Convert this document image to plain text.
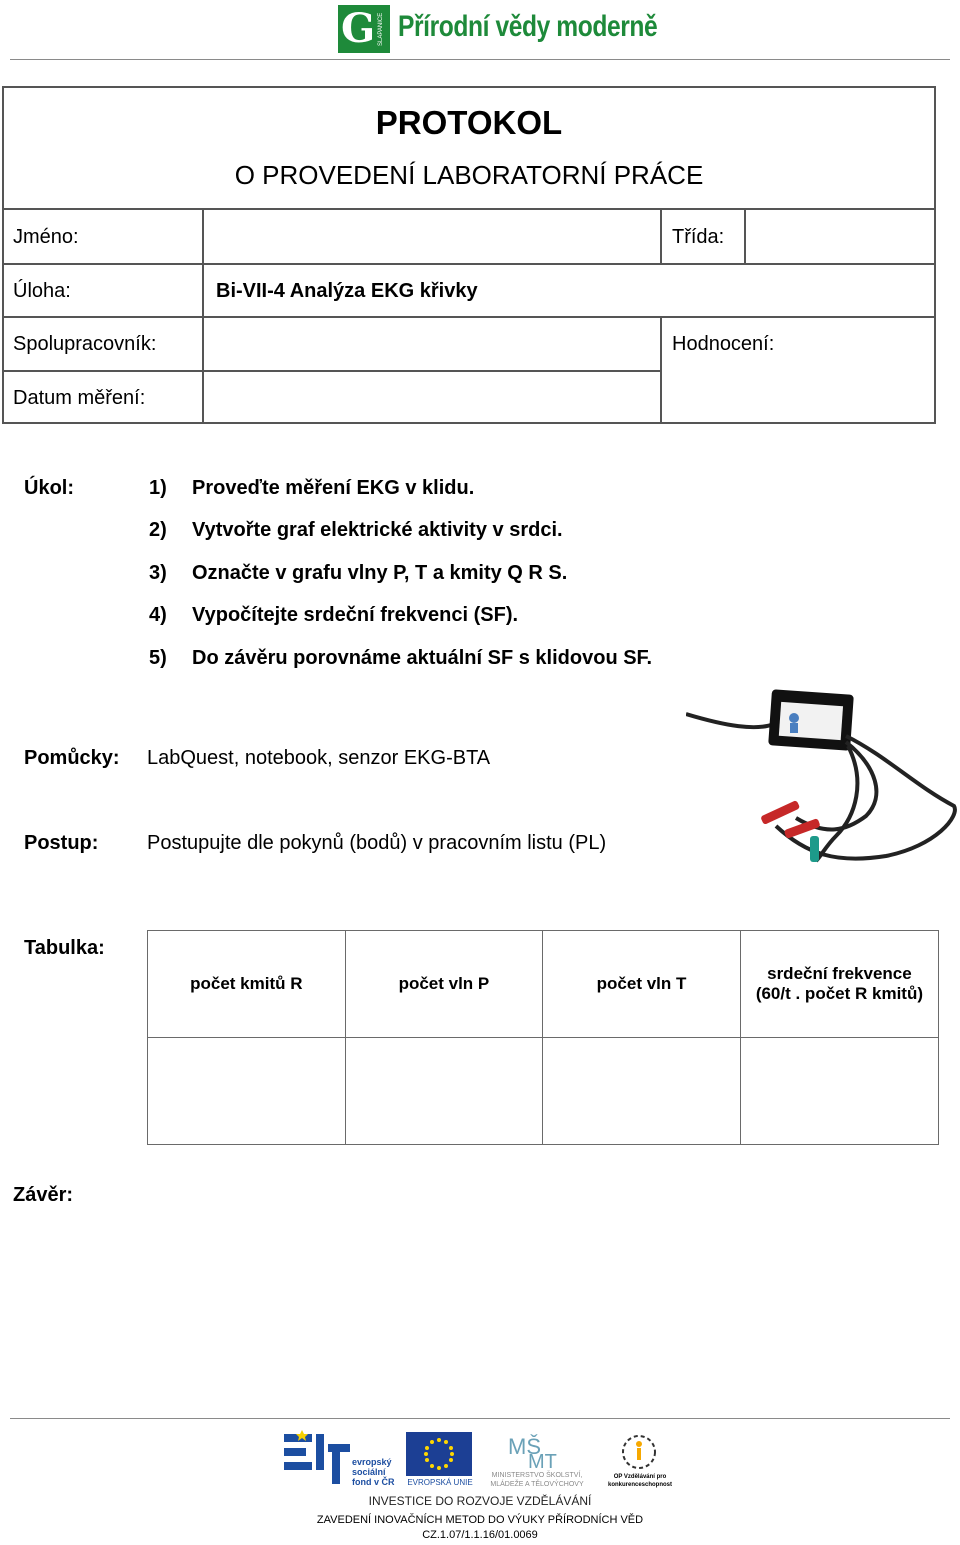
G ŠLAPANICE Přírodní vědy moderně
PROTOKOL
O PROVEDENÍ LABORATORNÍ PRÁCE
Jméno:	Třída:
Úloha:	Bi-VII-4 Analýza EKG křivky
Spolupracovník:	Hodnocení:
Datum měření:
Úkol:	1) Proveďte měření EKG v klidu.
2) Vytvořte graf elektrické aktivity v srdci.
3) Označte v grafu vlny P, T a kmity Q R S.
4) Vypočítejte srdeční frekvenci (SF).
5) Do závěru porovnáme aktuální SF s klidovou SF.
Pomůcky: LabQuest, notebook, senzor EKG-BTA
Postup: Postupujte dle pokynů (bodů) v pracovním listu (PL)
Tabulka:
počet kmitů R	počet vln P	počet vln T	srdeční frekvence
(60/t . počet R kmitů)

Závěr:
evropský sociální fond v ČR	EVROPSKÁ UNIE
MŠ
MT
MINISTERSTVO ŠKOLSTVÍ, MLÁDEŽE A TĚLOVÝCHOVY
OP Vzdělávání pro konkurenceschopnost
INVESTICE DO ROZVOJE VZDĚLÁVÁNÍ
ZAVEDENÍ INOVAČNÍCH METOD DO VÝUKY PŘÍRODNÍCH VĚD
CZ.1.07/1.1.16/01.0069
